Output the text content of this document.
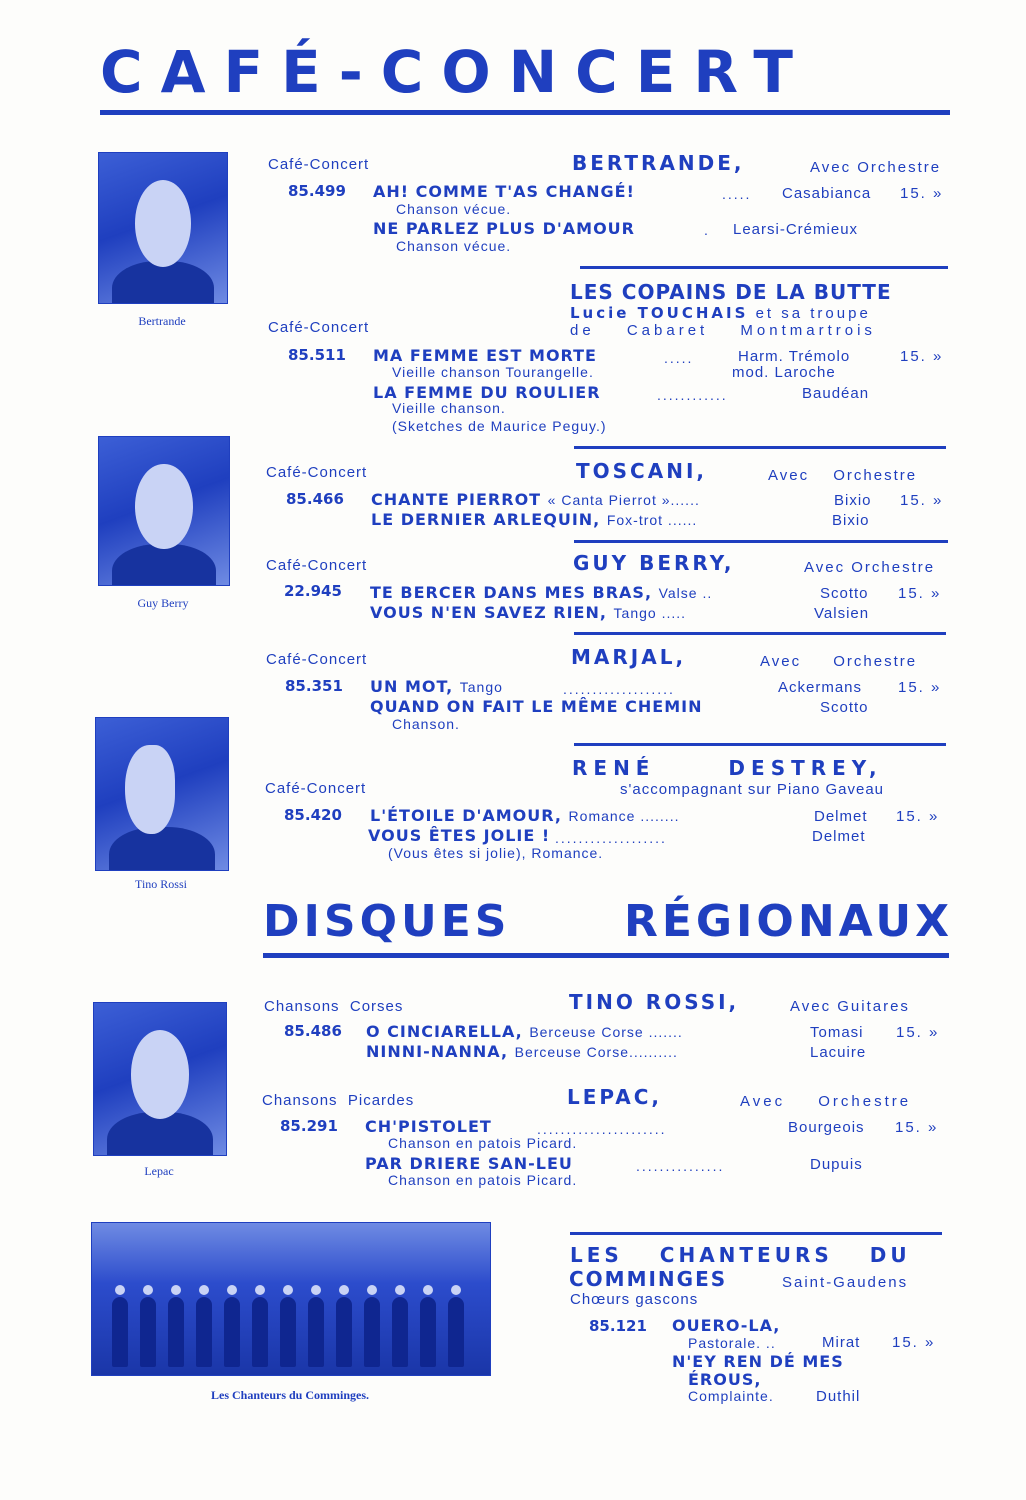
CAFÉ-CONCERT
Bertrande
Guy Berry
Tino Rossi
Lepac
Les Chanteurs du Comminges.
Café-Concert	BERTRANDE,	Avec Orchestre
85.499 AH! COMME T'AS CHANGÉ!	..... Casabianca 15. »
Chanson vécue.
NE PARLEZ PLUS D'AMOUR	. Learsi-Crémieux
Chanson vécue.
LES COPAINS DE LA BUTTE
Lucie TOUCHAIS et sa troupe
de Cabaret Montmartrois
Café-Concert
85.511 MA FEMME EST MORTE	.....	Harm. Trémolo	15. »
Vieille chanson Tourangelle.	mod. Laroche
LA FEMME DU ROULIER	............	Baudéan
Vieille chanson.
(Sketches de Maurice Peguy.)
Café-Concert	TOSCANI,	Avec Orchestre
85.466 CHANTE PIERROT « Canta Pierrot »......	Bixio 15. »
LE DERNIER ARLEQUIN, Fox-trot ......	Bixio
Café-Concert	GUY BERRY,	Avec Orchestre
22.945 TE BERCER DANS MES BRAS, Valse ..	Scotto 15. »
VOUS N'EN SAVEZ RIEN, Tango .....	Valsien
Café-Concert	MARJAL,	Avec Orchestre
85.351 UN MOT, Tango	...................	Ackermans 15. »
QUAND ON FAIT LE MÊME CHEMIN	Scotto
Chanson.
RENÉ DESTREY,
s'accompagnant sur Piano Gaveau
Café-Concert
85.420 L'ÉTOILE D'AMOUR, Romance ........	Delmet 15. »
VOUS ÊTES JOLIE ! ...................	Delmet
(Vous êtes si jolie), Romance.
DISQUES	RÉGIONAUX
Chansons  Corses	TINO ROSSI,	Avec Guitares
85.486 O CINCIARELLA, Berceuse Corse .......	Tomasi 15. »
NINNI-NANNA, Berceuse Corse..........	Lacuire
Chansons  Picardes	LEPAC,	Avec Orchestre
85.291 CH'PISTOLET	......................	Bourgeois 15. »
Chanson en patois Picard.
PAR DRIERE SAN-LEU	...............	Dupuis
Chanson en patois Picard.
LES CHANTEURS DU
COMMINGES	Saint-Gaudens
Chœurs gascons
85.121 OUERO-LA,
Pastorale. ..	Mirat 15. »
N'EY REN DÉ MES
ÉROUS,
Complainte.	Duthil
